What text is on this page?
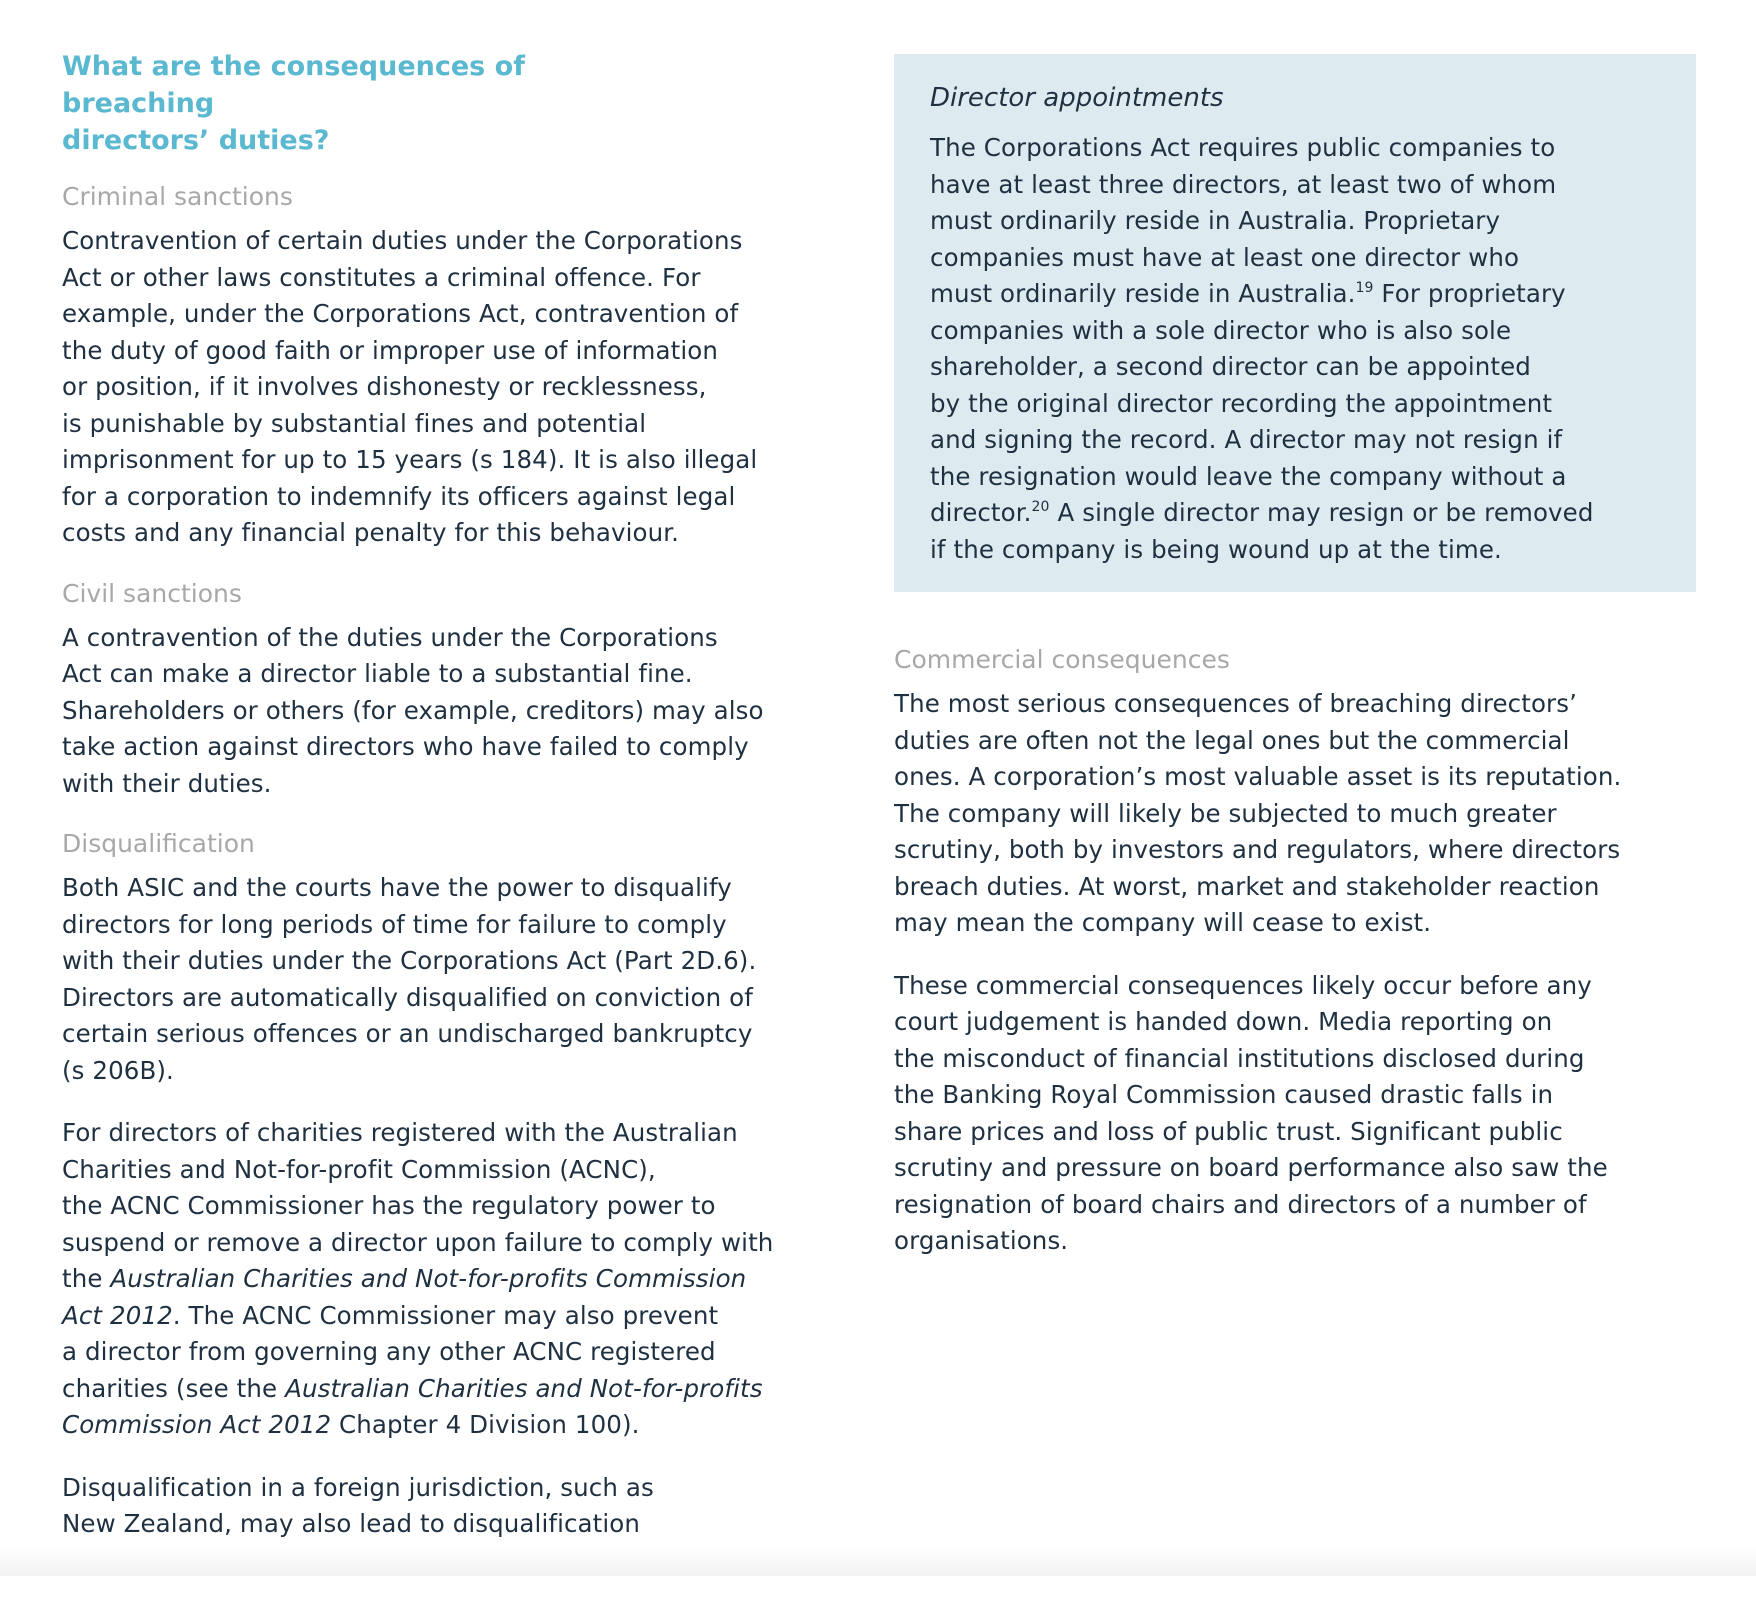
What are the consequences of breaching
directors’ duties?
Criminal sanctions

Contravention of certain duties under the Corporations
Act or other laws constitutes a criminal offence. For
example, under the Corporations Act, contravention of
the duty of good faith or improper use of information
or position, if it involves dishonesty or recklessness,
is punishable by substantial fines and potential
imprisonment for up to 15 years (s 184). It is also illegal
for a corporation to indemnify its officers against legal
costs and any financial penalty for this behaviour.

Civil sanctions

A contravention of the duties under the Corporations
Act can make a director liable to a substantial fine.
Shareholders or others (for example, creditors) may also
take action against directors who have failed to comply
with their duties.

Disqualification

Both ASIC and the courts have the power to disqualify
directors for long periods of time for failure to comply
with their duties under the Corporations Act (Part 2D.6).
Directors are automatically disqualified on conviction of
certain serious offences or an undischarged bankruptcy
(s 206B).

For directors of charities registered with the Australian
Charities and Not-for-profit Commission (ACNC),
the ACNC Commissioner has the regulatory power to
suspend or remove a director upon failure to comply with
the Australian Charities and Not-for-profits Commission
Act 2012. The ACNC Commissioner may also prevent
a director from governing any other ACNC registered
charities (see the Australian Charities and Not-for-profits
Commission Act 2012 Chapter 4 Division 100).

Disqualification in a foreign jurisdiction, such as
New Zealand, may also lead to disqualification

Director appointments

The Corporations Act requires public companies to
have at least three directors, at least two of whom
must ordinarily reside in Australia. Proprietary
companies must have at least one director who
must ordinarily reside in Australia.$^{19}$ For proprietary
companies with a sole director who is also sole
shareholder, a second director can be appointed
by the original director recording the appointment
and signing the record. A director may not resign if
the resignation would leave the company without a
director.$^{20}$ A single director may resign or be removed
if the company is being wound up at the time.

Commercial consequences

The most serious consequences of breaching directors’
duties are often not the legal ones but the commercial
ones. A corporation’s most valuable asset is its reputation.
The company will likely be subjected to much greater
scrutiny, both by investors and regulators, where directors
breach duties. At worst, market and stakeholder reaction
may mean the company will cease to exist.

These commercial consequences likely occur before any
court judgement is handed down. Media reporting on
the misconduct of financial institutions disclosed during
the Banking Royal Commission caused drastic falls in
share prices and loss of public trust. Significant public
scrutiny and pressure on board performance also saw the
resignation of board chairs and directors of a number of
organisations.
